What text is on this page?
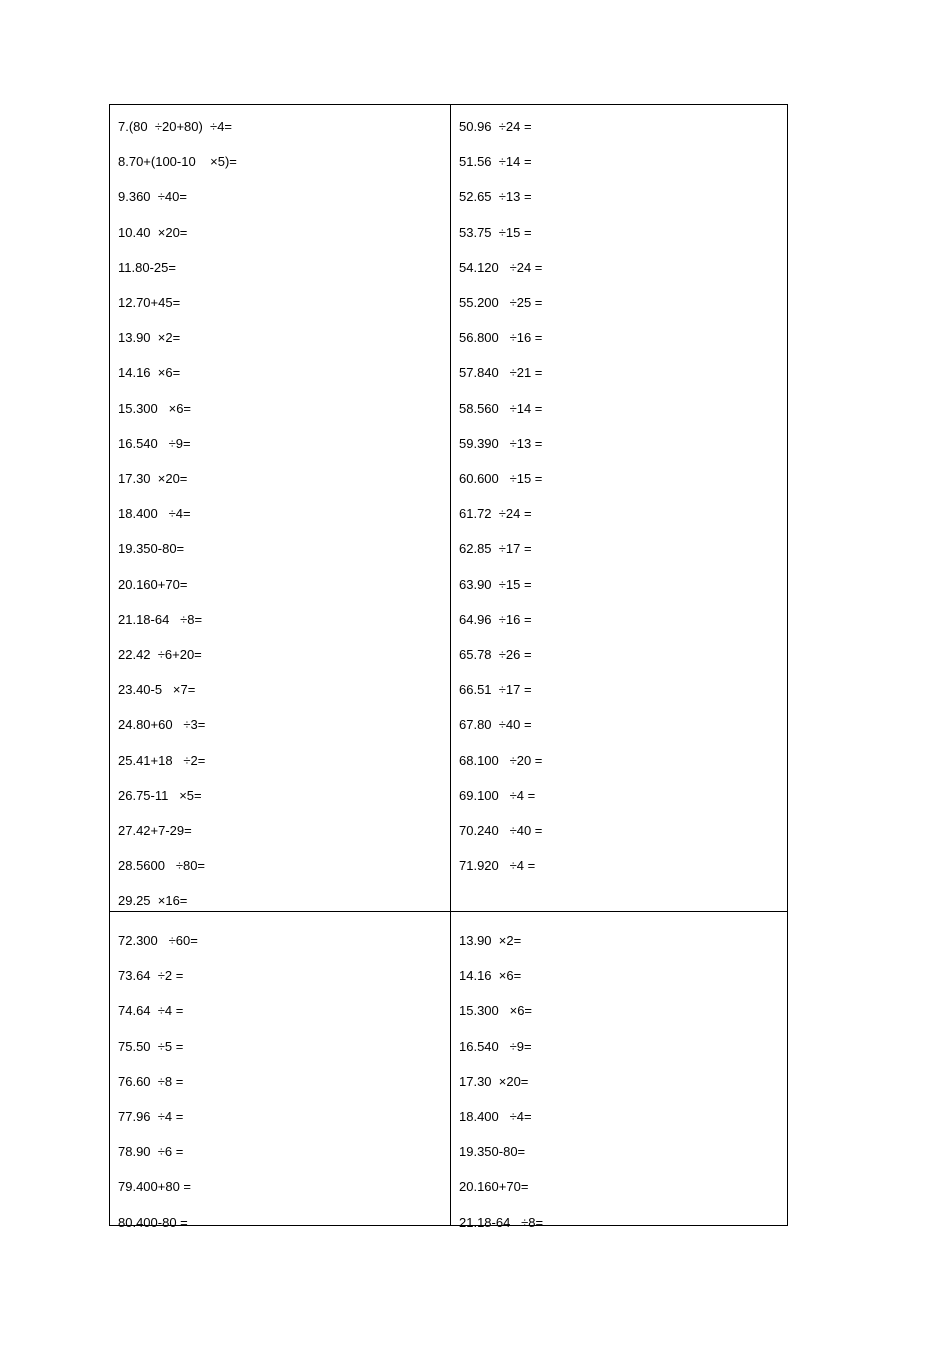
7.(80  ÷20+80)  ÷4=
8.70+(100-10    ×5)=
9.360  ÷40=
10.40  ×20=
11.80-25=
12.70+45=
13.90  ×2=
14.16  ×6=
15.300   ×6=
16.540   ÷9=
17.30  ×20=
18.400   ÷4=
19.350-80=
20.160+70=
21.18-64   ÷8=
22.42  ÷6+20=
23.40-5   ×7=
24.80+60   ÷3=
25.41+18   ÷2=
26.75-11   ×5=
27.42+7-29=
28.5600   ÷80=
29.25  ×16=
50.96  ÷24 =
51.56  ÷14 =
52.65  ÷13 =
53.75  ÷15 =
54.120   ÷24 =
55.200   ÷25 =
56.800   ÷16 =
57.840   ÷21 =
58.560   ÷14 =
59.390   ÷13 =
60.600   ÷15 =
61.72  ÷24 =
62.85  ÷17 =
63.90  ÷15 =
64.96  ÷16 =
65.78  ÷26 =
66.51  ÷17 =
67.80  ÷40 =
68.100   ÷20 =
69.100   ÷4 =
70.240   ÷40 =
71.920   ÷4 =
72.300   ÷60=
73.64  ÷2 =
74.64  ÷4 =
75.50  ÷5 =
76.60  ÷8 =
77.96  ÷4 =
78.90  ÷6 =
79.400+80 =
80.400-80 =
13.90  ×2=
14.16  ×6=
15.300   ×6=
16.540   ÷9=
17.30  ×20=
18.400   ÷4=
19.350-80=
20.160+70=
21.18-64   ÷8=
